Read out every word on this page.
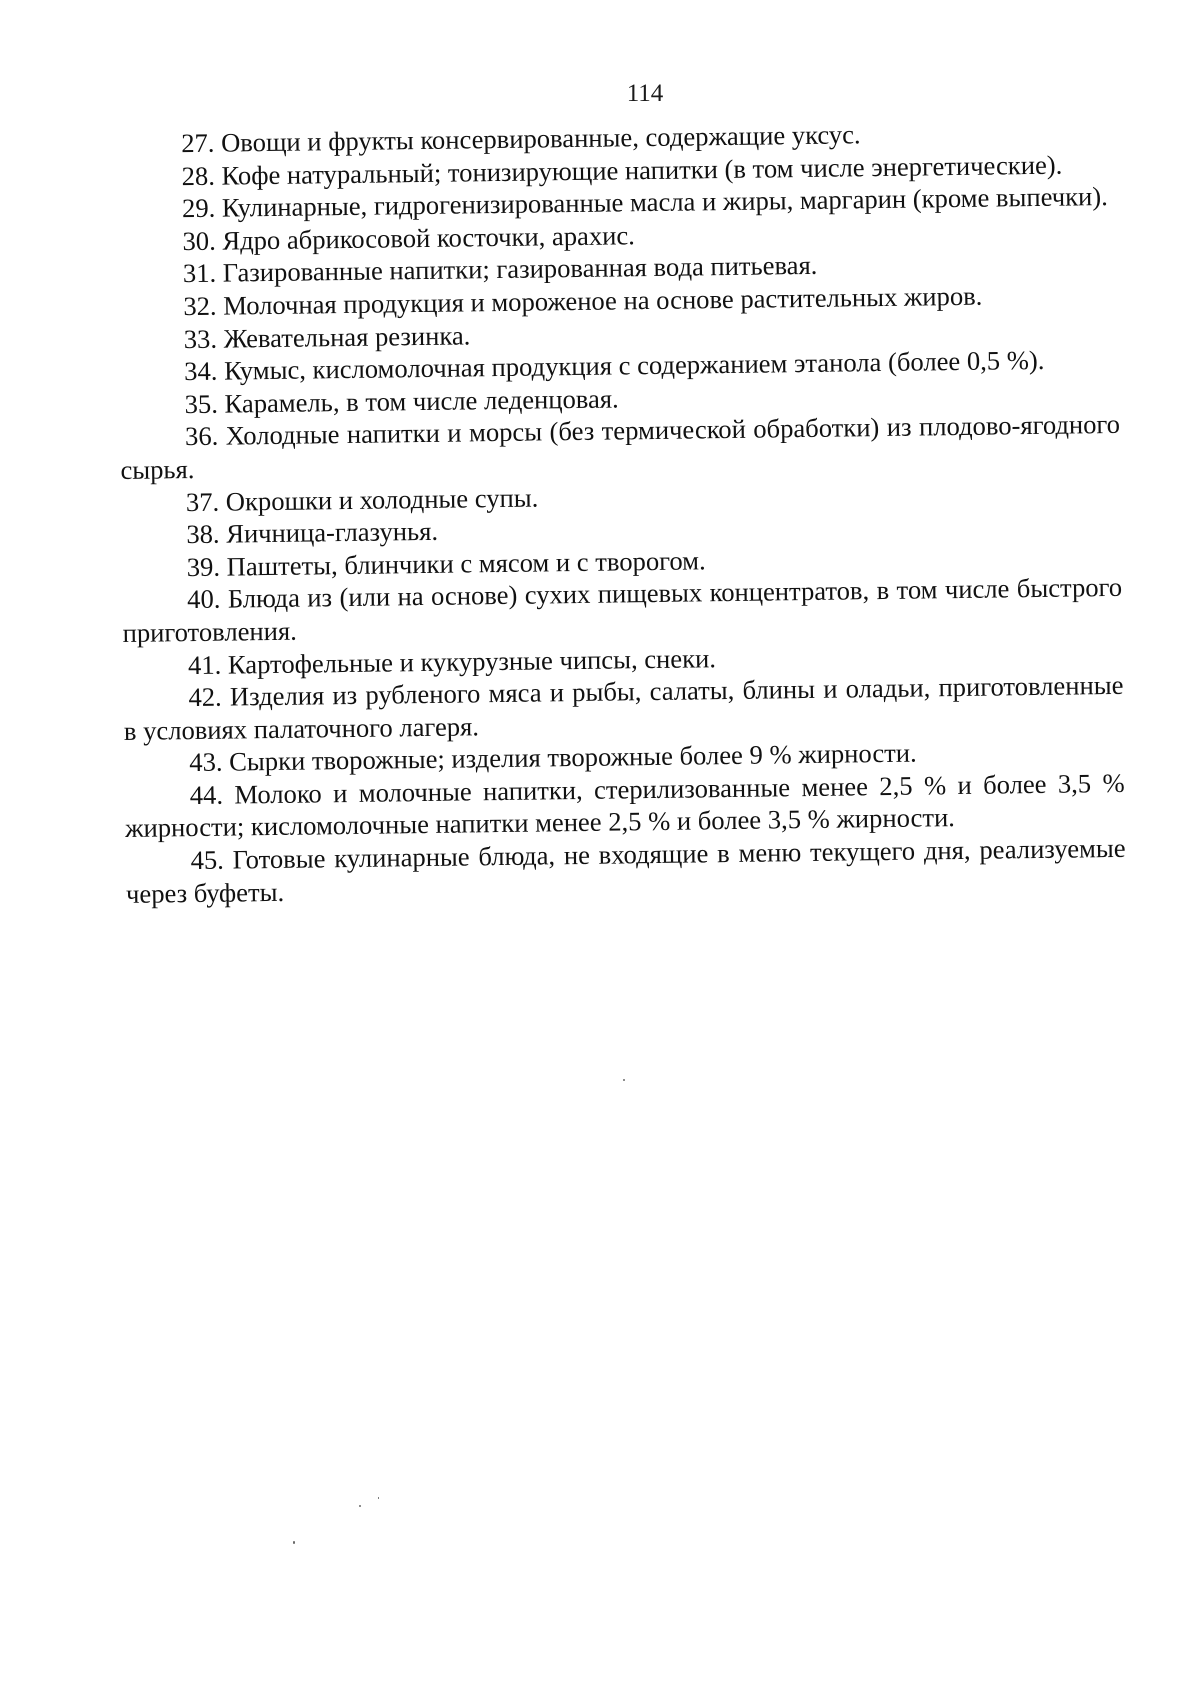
114
27. Овощи и фрукты консервированные, содержащие уксус.
28. Кофе натуральный; тонизирующие напитки (в том числе энергетические).
29. Кулинарные, гидрогенизированные масла и жиры, маргарин (кроме выпечки).
30. Ядро абрикосовой косточки, арахис.
31. Газированные напитки; газированная вода питьевая.
32. Молочная продукция и мороженое на основе растительных жиров.
33. Жевательная резинка.
34. Кумыс, кисломолочная продукция с содержанием этанола (более 0,5 %).
35. Карамель, в том числе леденцовая.
36. Холодные напитки и морсы (без термической обработки) из плодово-ягодного сырья.
37. Окрошки и холодные супы.
38. Яичница-глазунья.
39. Паштеты, блинчики с мясом и с творогом.
40. Блюда из (или на основе) сухих пищевых концентратов, в том числе быстрого приготовления.
41. Картофельные и кукурузные чипсы, снеки.
42. Изделия из рубленого мяса и рыбы, салаты, блины и оладьи, приготовленные в условиях палаточного лагеря.
43. Сырки творожные; изделия творожные более 9 % жирности.
44. Молоко и молочные напитки, стерилизованные менее 2,5 % и более 3,5 % жирности; кисломолочные напитки менее 2,5 % и более 3,5 % жирности.
45. Готовые кулинарные блюда, не входящие в меню текущего дня, реализуемые через буфеты.
